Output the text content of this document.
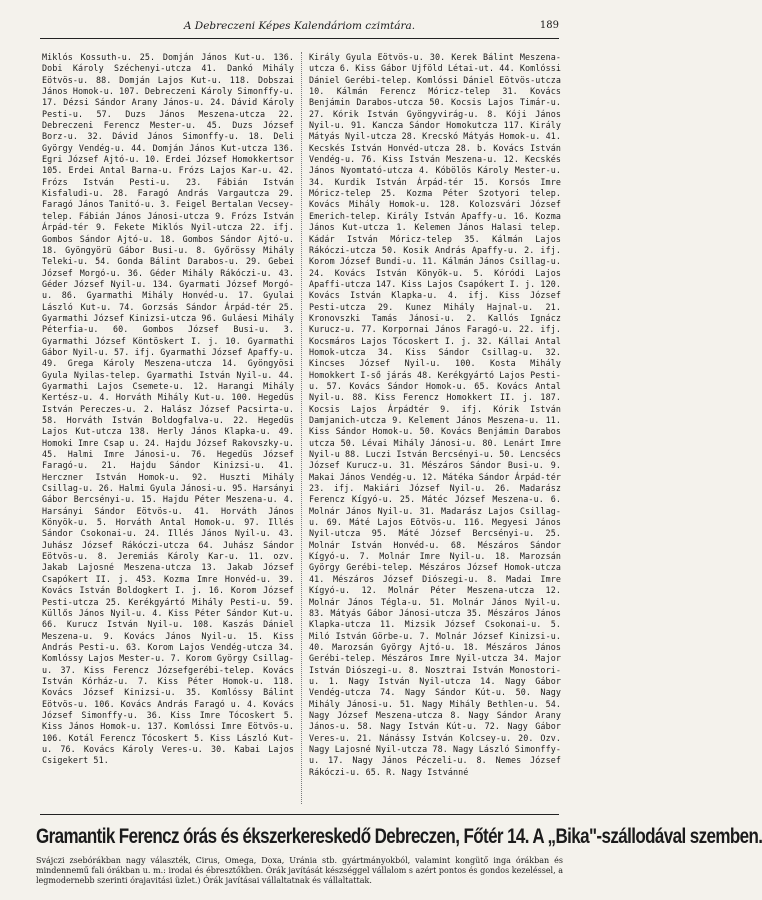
A Debreczeni Képes Kalendáriom czimtára.	189
Miklós Kossuth-u. 25. Domján János Kut-u. 136. Dobi Károly Széchenyi-utcza 41. Dankó Mihály Eötvös-u. 88. Domján Lajos Kut-u. 118. Dobszai János Homok-u. 107. Debreczeni Károly Simonffy-u. 17. Dézsi Sándor Arany János-u. 24. Dávid Károly Pesti-u. 57. Duzs János Meszena-utcza 22. Debreczeni Ferencz Mester-u. 45. Duzs József Borz-u. 32. Dávid János Simonffy-u. 18. Deli György Vendég-u. 44. Domján János Kut-utcza 136. Egri József Ajtó-u. 10. Erdei József Homokkertsor 105. Erdei Antal Barna-u. Frózs Lajos Kar-u. 42. Frózs István Pesti-u. 23. Fábián István Kisfaludi-u. 28. Faragó András Vargautcza 29. Faragó János Tanitó-u. 3. Feigel Bertalan Vecsey-telep. Fábián János Jánosi-utcza 9. Frózs István Árpád-tér 9. Fekete Miklós Nyil-utcza 22. ifj. Gombos Sándor Ajtó-u. 18. Gombos Sándor Ajtó-u. 18. Gyöngyörü Gábor Busi-u. 8. Győrössy Mihály Teleki-u. 54. Gonda Bálint Darabos-u. 29. Gebei József Morgó-u. 36. Géder Mihály Rákóczi-u. 43. Géder József Nyil-u. 134. Gyarmati József Morgó-u. 86. Gyarmathi Mihály Honvéd-u. 17. Gyulai László Kut-u. 74. Gorzsás Sándor Árpád-tér 25. Gyarmathi József Kinizsi-utcza 96. Guláesi Mihály Péterfia-u. 60. Gombos József Busi-u. 3. Gyarmathi József Köntöskert I. j. 10. Gyarmathi Gábor Nyil-u. 57. ifj. Gyarmathi József Apaffy-u. 49. Grega Károly Meszena-utcza 14. Gyöngyösi Gyula Nyilas-telep. Gyarmathi István Nyil-u. 44. Gyarmathi Lajos Csemete-u. 12. Harangi Mihály Kertész-u. 4. Horváth Mihály Kut-u. 100. Hegedüs István Pereczes-u. 2. Halász József Pacsirta-u. 58. Horváth István Boldogfalva-u. 22. Hegedüs Lajos Kut-utcza 138. Herly János Klapka-u. 49. Homoki Imre Csap u. 24. Hajdu József Rakovszky-u. 45. Halmi Imre Jánosi-u. 76. Hegedüs József Faragó-u. 21. Hajdu Sándor Kinizsi-u. 41. Herczner István Homok-u. 92. Huszti Mihály Csillag-u. 26. Halmi Gyula Jánosi-u. 95. Harsányi Gábor Bercsényi-u. 15. Hajdu Péter Meszena-u. 4. Harsányi Sándor Eötvös-u. 41. Horváth János Könyök-u. 5. Horváth Antal Homok-u. 97. Illés Sándor Csokonai-u. 24. Illés János Nyil-u. 43. Juhász József Rákóczi-utcza 64. Juhász Sándor Eötvös-u. 8. Jeremiás Károly Kar-u. 11. ozv. Jakab Lajosné Meszena-utcza 13. Jakab József Csapókert II. j. 453. Kozma Imre Honvéd-u. 39. Kovács István Boldogkert I. j. 16. Korom József Pesti-utcza 25. Kerékgyártó Mihály Pesti-u. 59. Küllős János Nyil-u. 4. Kiss Péter Sándor Kut-u. 66. Kurucz István Nyil-u. 108. Kaszás Dániel Meszena-u. 9. Kovács János Nyil-u. 15. Kiss András Pesti-u. 63. Korom Lajos Vendég-utcza 34. Komlóssy Lajos Mester-u. 7. Korom György Csillag-u. 37. Kiss Ferencz Józsefgerébi-telep. Kovács István Kórház-u. 7. Kiss Péter Homok-u. 118. Kovács József Kinizsi-u. 35. Komlóssy Bálint Eötvös-u. 106. Kovács András Faragó u. 4. Kovács József Simonffy-u. 36. Kiss Imre Tócoskert 5. Kiss János Homok-u. 137. Komlóssi Imre Eötvös-u. 106. Kotál Ferencz Tócoskert 5. Kiss László Kut-u. 76. Kovács Károly Veres-u. 30. Kabai Lajos Csigekert 51.
Király Gyula Eötvös-u. 30. Kerek Bálint Meszena-utcza 6. Kiss Gábor Ujföld Létai-ut. 44. Komlóssi Dániel Gerébi-telep. Komlóssi Dániel Eötvös-utcza 10. Kálmán Ferencz Móricz-telep 31. Kovács Benjámin Darabos-utcza 50. Kocsis Lajos Timár-u. 27. Kórik István Gyöngyvirág-u. 8. Kóji János Nyil-u. 91. Kancza Sándor Homokutcza 117. Király Mátyás Nyil-utcza 28. Krecskó Mátyás Homok-u. 41. Kecskés István Honvéd-utcza 28. b. Kovács István Vendég-u. 76. Kiss István Meszena-u. 12. Kecskés János Nyomtató-utcza 4. Kóbölös Károly Mester-u. 34. Kurdik István Árpád-tér 15. Korsós Imre Móricz-telep 25. Kozma Péter Szotyori telep. Kovács Mihály Homok-u. 128. Kolozsvári József Emerich-telep. Király István Apaffy-u. 16. Kozma János Kut-utcza 1. Kelemen János Halasi telep. Kádár István Móricz-telep 35. Kálmán Lajos Rákóczi-utcza 50. Kosik András Apaffy-u. 2. ifj. Korom József Bundi-u. 11. Kálmán János Csillag-u. 24. Kovács István Könyök-u. 5. Kóródi Lajos Apaffi-utcza 147. Kiss Lajos Csapókert I. j. 120. Kovács István Klapka-u. 4. ifj. Kiss József Pesti-utcza 29. Kunez Mihály Hajnal-u. 21. Kronovszki Tamás Jánosi-u. 2. Kallós Ignácz Kurucz-u. 77. Korpornai János Faragó-u. 22. ifj. Kocsmáros Lajos Tócoskert I. j. 32. Kállai Antal Homok-utcza 34. Kiss Sándor Csillag-u. 32. Kincses József Nyil-u. 100. Kosta Mihály Homokkert I-ső járás 48. Kerékgyártó Lajos Pesti-u. 57. Kovács Sándor Homok-u. 65. Kovács Antal Nyil-u. 88. Kiss Ferencz Homokkert II. j. 187. Kocsis Lajos Árpádtér 9. ifj. Kórik István Damjanich-utcza 9. Kelement János Meszena-u. 11. Kiss Sándor Homok-u. 50. Kovács Benjámin Darabos utcza 50. Lévai Mihály Jánosi-u. 80. Lenárt Imre Nyil-u 88. Luczi István Bercsényi-u. 50. Lencsécs József Kurucz-u. 31. Mészáros Sándor Busi-u. 9. Makai János Vendég-u. 12. Mátéka Sándor Árpád-tér 23. ifj. Makiári József Nyil-u. 26. Madarász Ferencz Kígyó-u. 25. Mátéc József Meszena-u. 6. Molnár János Nyil-u. 31. Madarász Lajos Csillag-u. 69. Máté Lajos Eötvös-u. 116. Megyesi János Nyil-utcza 95. Máté József Bercsényi-u. 25. Molnár István Honvéd-u. 68. Mészáros Sándor Kígyó-u. 7. Molnár Imre Nyil-u. 18. Marozsán György Gerébi-telep. Mészáros József Homok-utcza 41. Mészáros József Diószegi-u. 8. Madai Imre Kígyó-u. 12. Molnár Péter Meszena-utcza 12. Molnár János Tégla-u. 51. Molnár János Nyil-u. 83. Mátyás Gábor Jánosi-utcza 35. Mészáros János Klapka-utcza 11. Mizsik József Csokonai-u. 5. Miló István Görbe-u. 7. Molnár József Kinizsi-u. 40. Marozsán György Ajtó-u. 18. Mészáros János Gerébi-telep. Mészáros Imre Nyil-utcza 34. Major István Diószegi-u. 8. Nosztrai István Monostori-u. 1. Nagy István Nyil-utcza 14. Nagy Gábor Vendég-utcza 74. Nagy Sándor Kút-u. 50. Nagy Mihály Jánosi-u. 51. Nagy Mihály Bethlen-u. 54. Nagy József Meszena-utcza 8. Nagy Sándor Arany János-u. 58. Nagy István Kút-u. 72. Nagy Gábor Veres-u. 21. Nánássy István Kolcsey-u. 20. Ozv. Nagy Lajosné Nyil-utcza 78. Nagy László Simonffy-u. 17. Nagy János Péczeli-u. 8. Nemes József Rákóczi-u. 65. R. Nagy Istvánné
Gramantik Ferencz órás és ékszerkereskedő Debreczen, Főtér 14. A „Bika"-szállodával szemben.
Svájczi zsebórákban nagy választék, Cirus, Omega, Doxa, Uránia stb. gyártmányokból, valamint kongütő inga órákban és mindennemű fali órákban u. m.: irodai és ébresztőkben. Órák javítását készséggel vállalom s azért pontos és gondos kezeléssel, a legmodernebb szerinti órajavitási üzlet.) Órák javításai vállaltatnak és vállaltattak.
